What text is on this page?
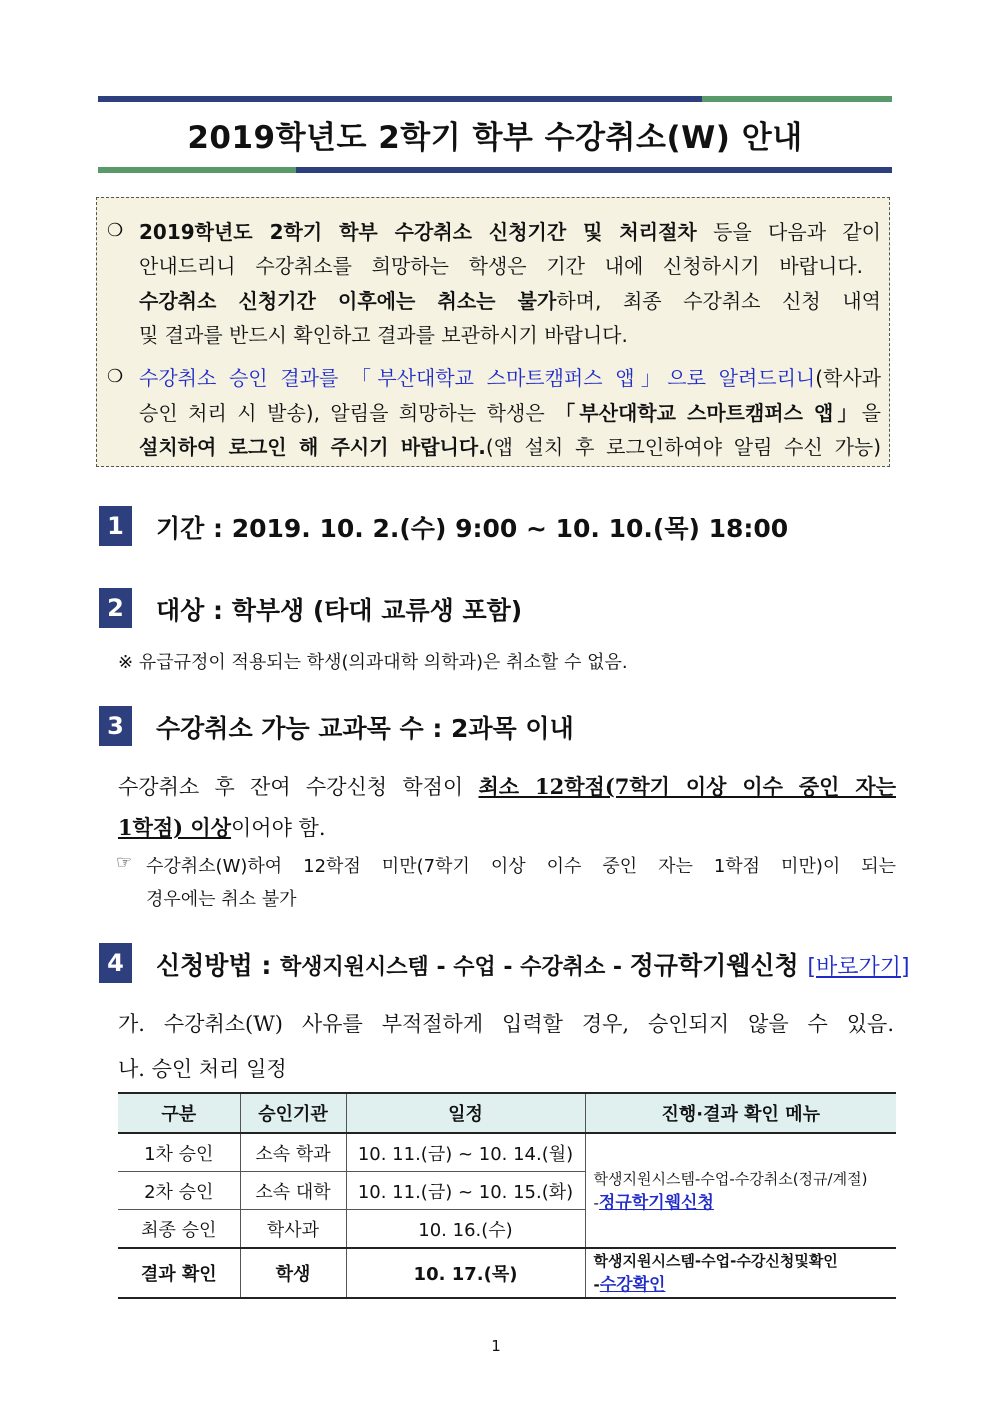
2019학년도 2학기 학부 수강취소(W) 안내
❍ 2019학년도 2학기 학부 수강취소 신청기간 및 처리절차 등을 다음과 같이
안내드리니 수강취소를 희망하는 학생은 기간 내에 신청하시기 바랍니다.
수강취소 신청기간 이후에는 취소는 불가하며, 최종 수강취소 신청 내역
및 결과를 반드시 확인하고 결과를 보관하시기 바랍니다.
❍ 수강취소 승인 결과를 「부산대학교 스마트캠퍼스 앱」으로 알려드리니(학사과
승인 처리 시 발송), 알림을 희망하는 학생은 「부산대학교 스마트캠퍼스 앱」을
설치하여 로그인 해 주시기 바랍니다.(앱 설치 후 로그인하여야 알림 수신 가능)
1	기간 : 2019. 10. 2.(수) 9:00 ~ 10. 10.(목) 18:00
2	대상 : 학부생 (타대 교류생 포함)
※ 유급규정이 적용되는 학생(의과대학 의학과)은 취소할 수 없음.
3	수강취소 가능 교과목 수 : 2과목 이내
수강취소 후 잔여 수강신청 학점이 최소 12학점(7학기 이상 이수 중인 자는
1학점) 이상이어야 함.
☞ 수강취소(W)하여 12학점 미만(7학기 이상 이수 중인 자는 1학점 미만)이 되는
경우에는 취소 불가
4	신청방법 : 학생지원시스템 - 수업 - 수강취소 - 정규학기웹신청 [바로가기]
가. 수강취소(W) 사유를 부적절하게 입력할 경우, 승인되지 않을 수 있음.
나. 승인 처리 일정
구분	승인기관	일정	진행·결과 확인 메뉴
1차 승인	소속 학과	10. 11.(금) ~ 10. 14.(월)	학생지원시스템-수업-수강취소(정규/계절)
-정규학기웹신청

2차 승인	소속 대학	10. 11.(금) ~ 10. 15.(화)	
최종 승인	학사과	10. 16.(수)	
결과 확인	학생	10. 17.(목)	학생지원시스템-수업-수강신청및확인
-수강확인
1
